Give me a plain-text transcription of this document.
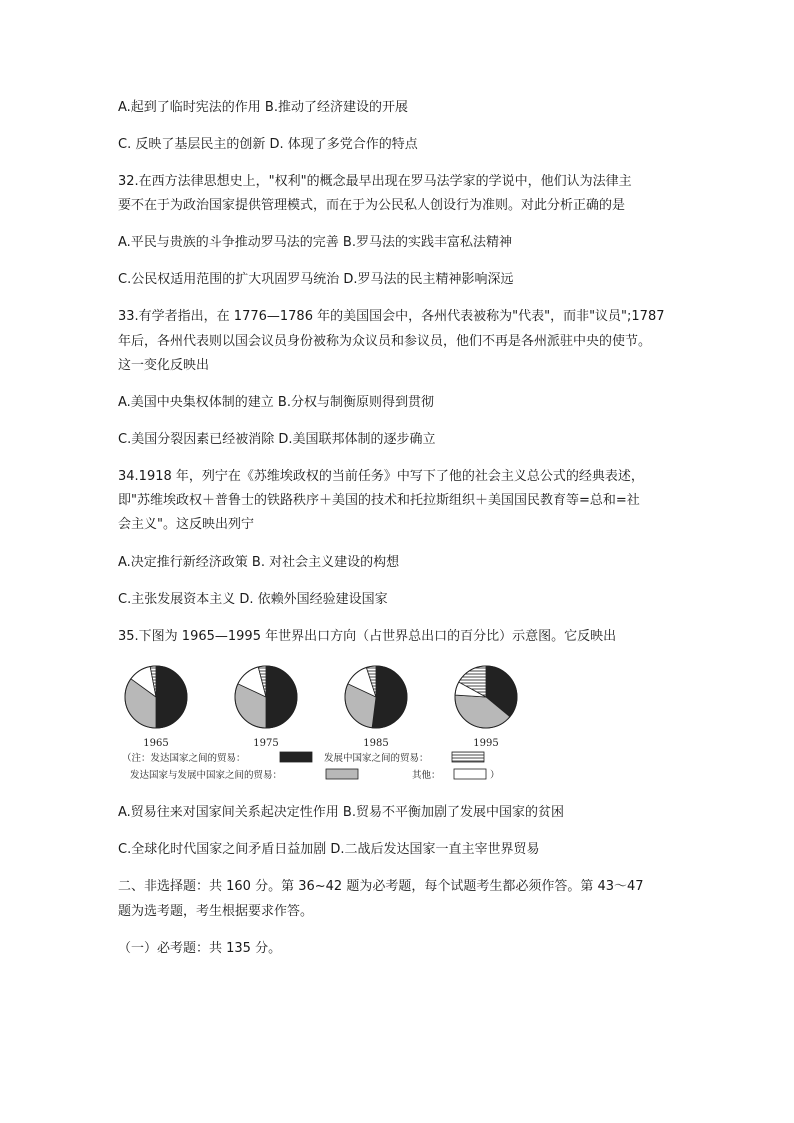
A.起到了临时宪法的作用 B.推动了经济建设的开展
C. 反映了基层民主的创新 D. 体现了多党合作的特点
32.在西方法律思想史上，"权利"的概念最早出现在罗马法学家的学说中，他们认为法律主
要不在于为政治国家提供管理模式，而在于为公民私人创设行为准则。对此分析正确的是
A.平民与贵族的斗争推动罗马法的完善 B.罗马法的实践丰富私法精神
C.公民权适用范围的扩大巩固罗马统治 D.罗马法的民主精神影响深远
33.有学者指出，在 1776—1786 年的美国国会中，各州代表被称为"代表"，而非"议员";1787
年后，各州代表则以国会议员身份被称为众议员和参议员，他们不再是各州派驻中央的使节。
这一变化反映出
A.美国中央集权体制的建立 B.分权与制衡原则得到贯彻
C.美国分裂因素已经被消除 D.美国联邦体制的逐步确立
34.1918 年，列宁在《苏维埃政权的当前任务》中写下了他的社会主义总公式的经典表述，
即"苏维埃政权＋普鲁士的铁路秩序＋美国的技术和托拉斯组织＋美国国民教育等=总和=社
会主义"。这反映出列宁
A.决定推行新经济政策 B. 对社会主义建设的构想
C.主张发展资本主义 D. 依赖外国经验建设国家
35.下图为 1965—1995 年世界出口方向（占世界总出口的百分比）示意图。它反映出
1965	1975	1985	1995
（注：发达国家之间的贸易：	发展中国家之间的贸易：
发达国家与发展中国家之间的贸易：	其他：	）
A.贸易往来对国家间关系起决定性作用 B.贸易不平衡加剧了发展中国家的贫困
C.全球化时代国家之间矛盾日益加剧 D.二战后发达国家一直主宰世界贸易
二、非选择题：共 160 分。第 36~42 题为必考题，每个试题考生都必须作答。第 43～47
题为选考题，考生根据要求作答。
（一）必考题：共 135 分。
